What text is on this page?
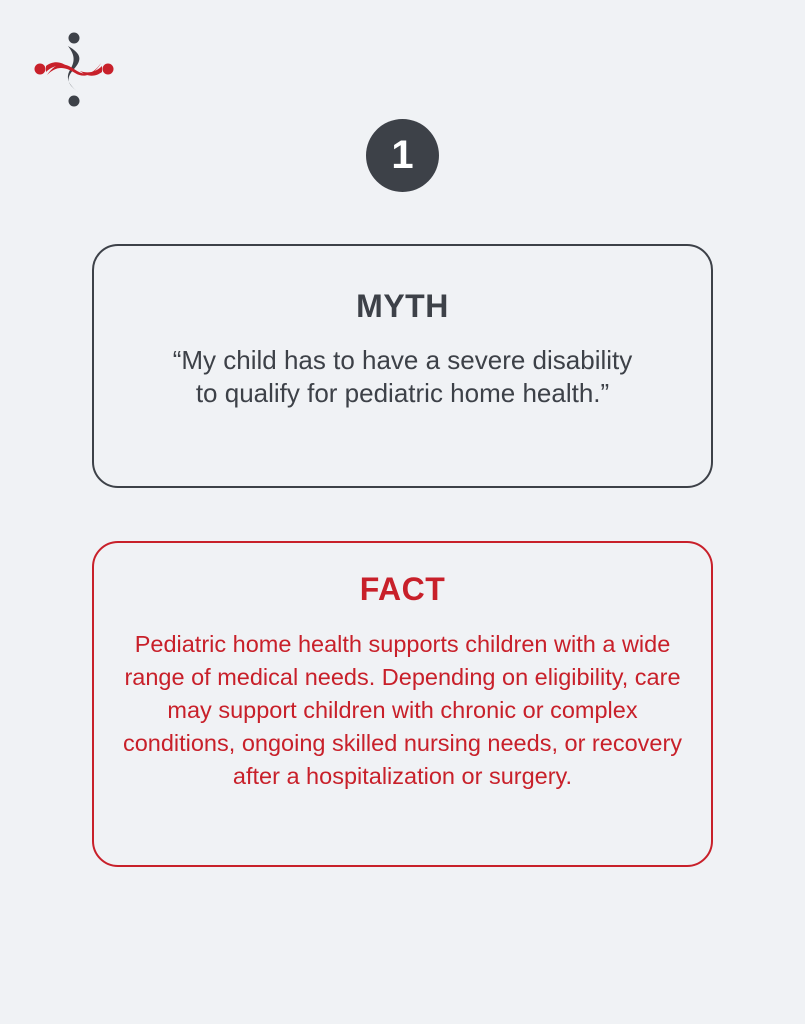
1
MYTH
“My child has to have a severe disability to qualify for pediatric home health.”
FACT
Pediatric home health supports children with a wide range of medical needs. Depending on eligibility, care may support children with chronic or complex conditions, ongoing skilled nursing needs, or recovery after a hospitalization or surgery.
